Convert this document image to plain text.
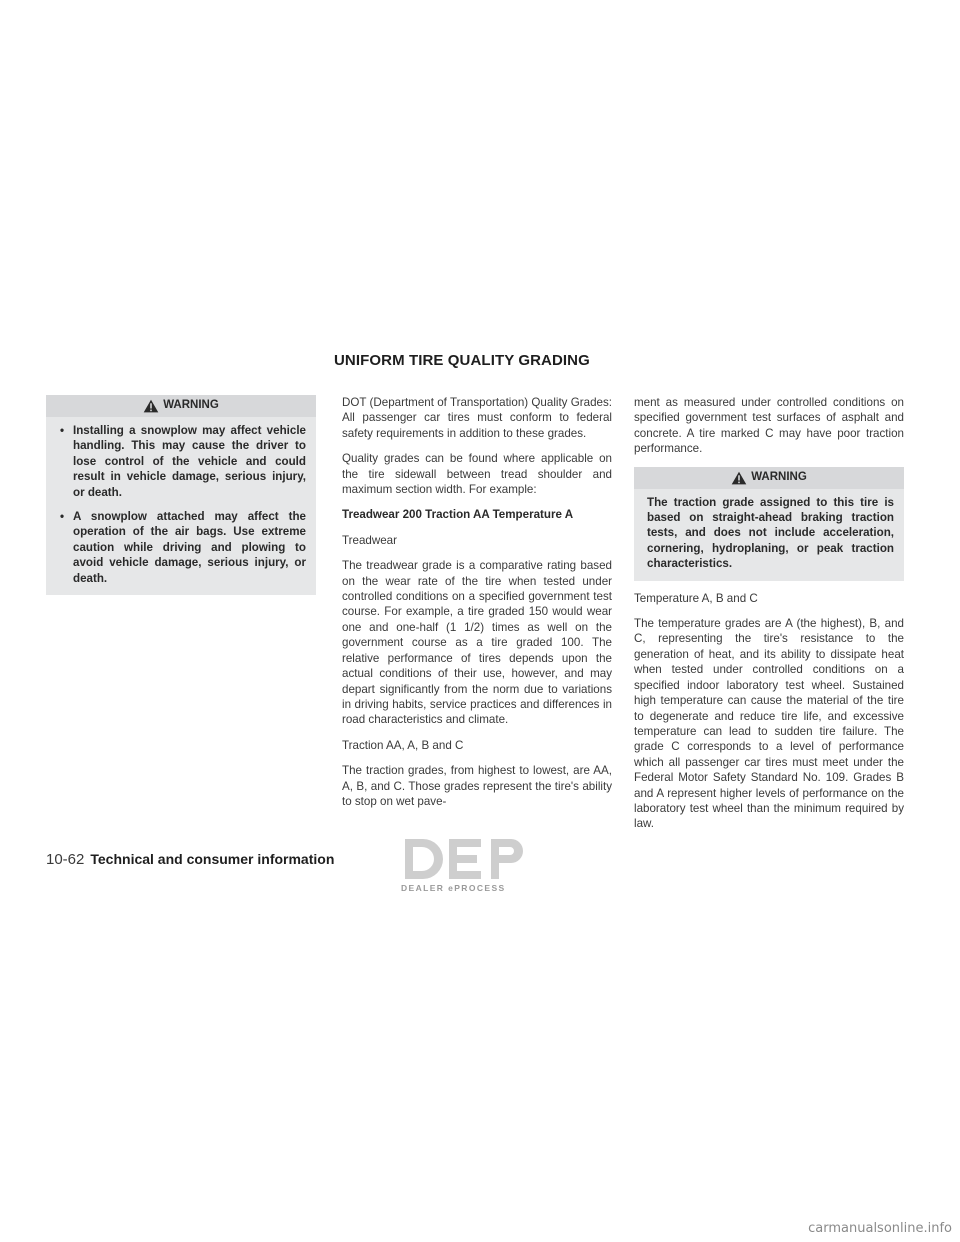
UNIFORM TIRE QUALITY GRADING
WARNING
• Installing a snowplow may affect vehicle handling. This may cause the driver to lose control of the vehicle and could result in vehicle damage, serious injury, or death.
• A snowplow attached may affect the operation of the air bags. Use extreme caution while driving and plowing to avoid vehicle damage, serious injury, or death.

DOT (Department of Transportation) Quality Grades: All passenger car tires must conform to federal safety requirements in addition to these grades.

Quality grades can be found where applicable on the tire sidewall between tread shoulder and maximum section width. For example:

Treadwear 200 Traction AA Temperature A

Treadwear

The treadwear grade is a comparative rating based on the wear rate of the tire when tested under controlled conditions on a specified government test course. For example, a tire graded 150 would wear one and one-half (1 1/2) times as well on the government course as a tire graded 100. The relative performance of tires depends upon the actual conditions of their use, however, and may depart significantly from the norm due to variations in driving habits, service practices and differences in road characteristics and climate.

Traction AA, A, B and C

The traction grades, from highest to lowest, are AA, A, B, and C. Those grades represent the tire's ability to stop on wet pave-

ment as measured under controlled conditions on specified government test surfaces of asphalt and concrete. A tire marked C may have poor traction performance.

WARNING

The traction grade assigned to this tire is based on straight-ahead braking traction tests, and does not include acceleration, cornering, hydroplaning, or peak traction characteristics.

Temperature A, B and C

The temperature grades are A (the highest), B, and C, representing the tire's resistance to the generation of heat, and its ability to dissipate heat when tested under controlled conditions on a specified indoor laboratory test wheel. Sustained high temperature can cause the material of the tire to degenerate and reduce tire life, and excessive temperature can lead to sudden tire failure. The grade C corresponds to a level of performance which all passenger car tires must meet under the Federal Motor Safety Standard No. 109. Grades B and A represent higher levels of performance on the laboratory test wheel than the minimum required by law.

10-62 Technical and consumer information
DEALER ePROCESS
carmanualsonline.info
